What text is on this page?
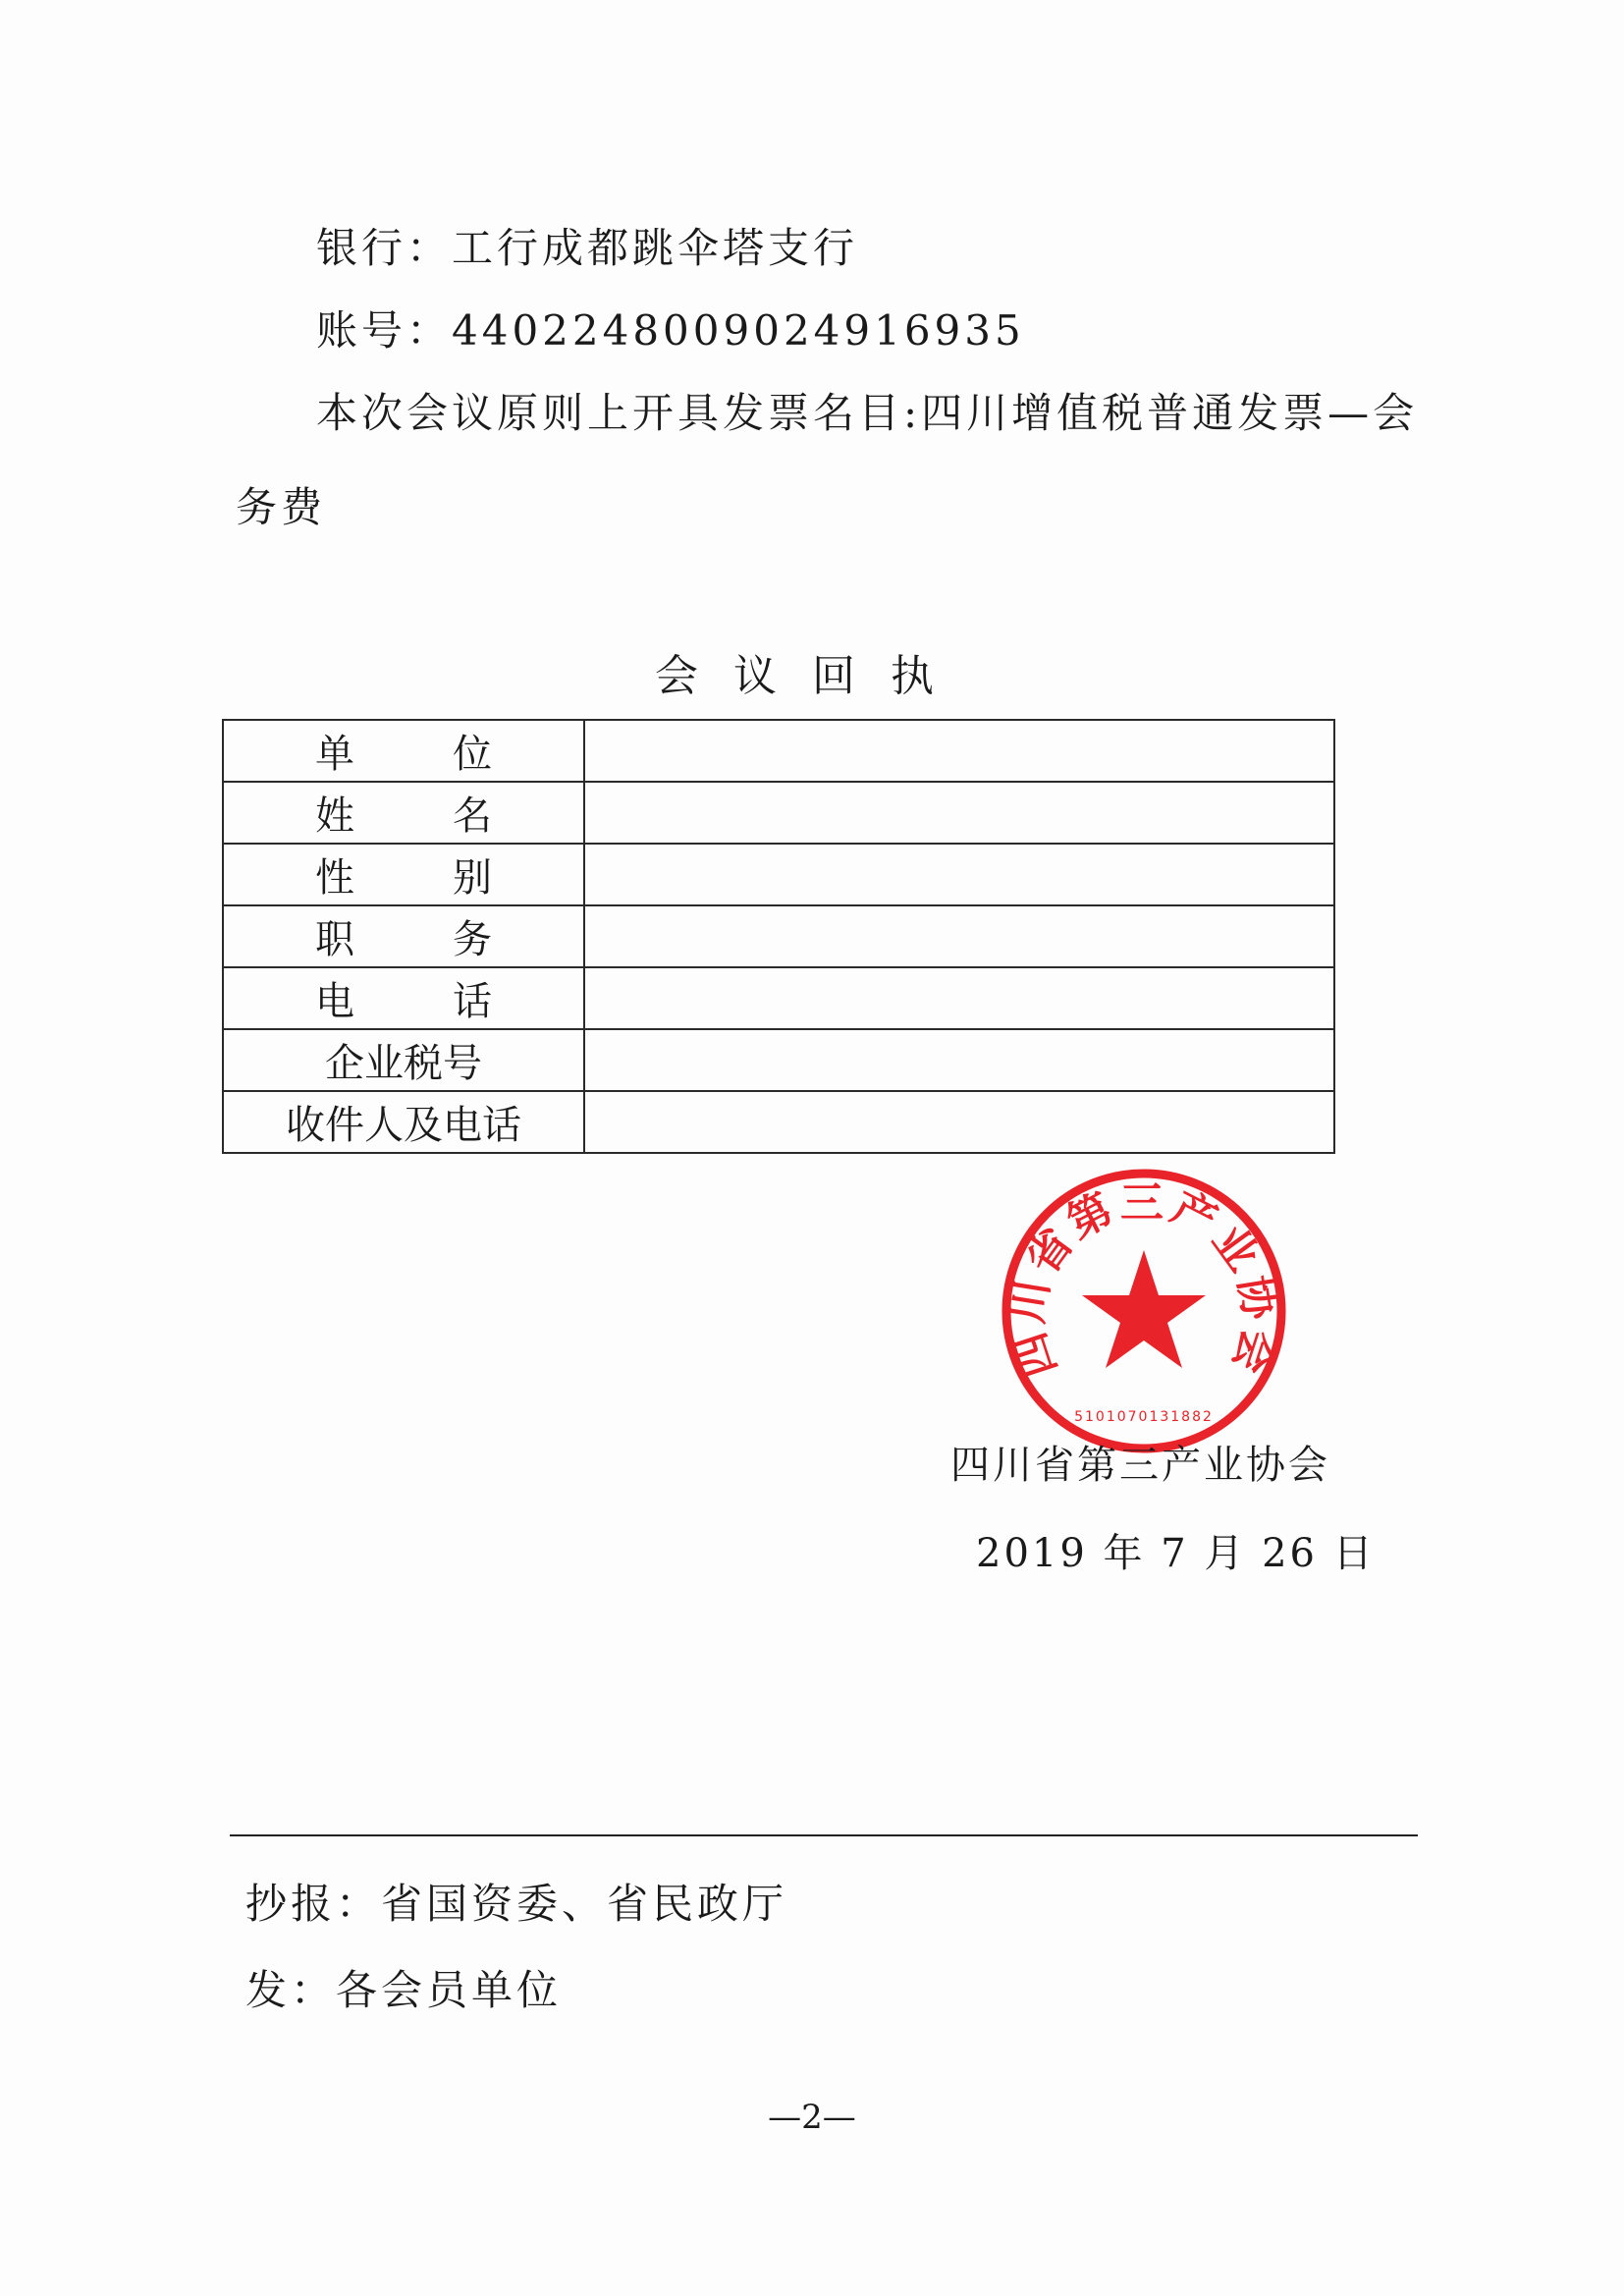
银行：工行成都跳伞塔支行
账号：4402248009024916935
本次会议原则上开具发票名目:四川增值税普通发票—会
务费
会议回执
单 位	

姓 名	

性 别	

职 务	

电 话	

企业税号	
收件人及电话	
四川省第三产业协会
5101070131882
四川省第三产业协会
2019 年 7 月 26 日
抄报：省国资委、省民政厅
发：各会员单位
—2—
